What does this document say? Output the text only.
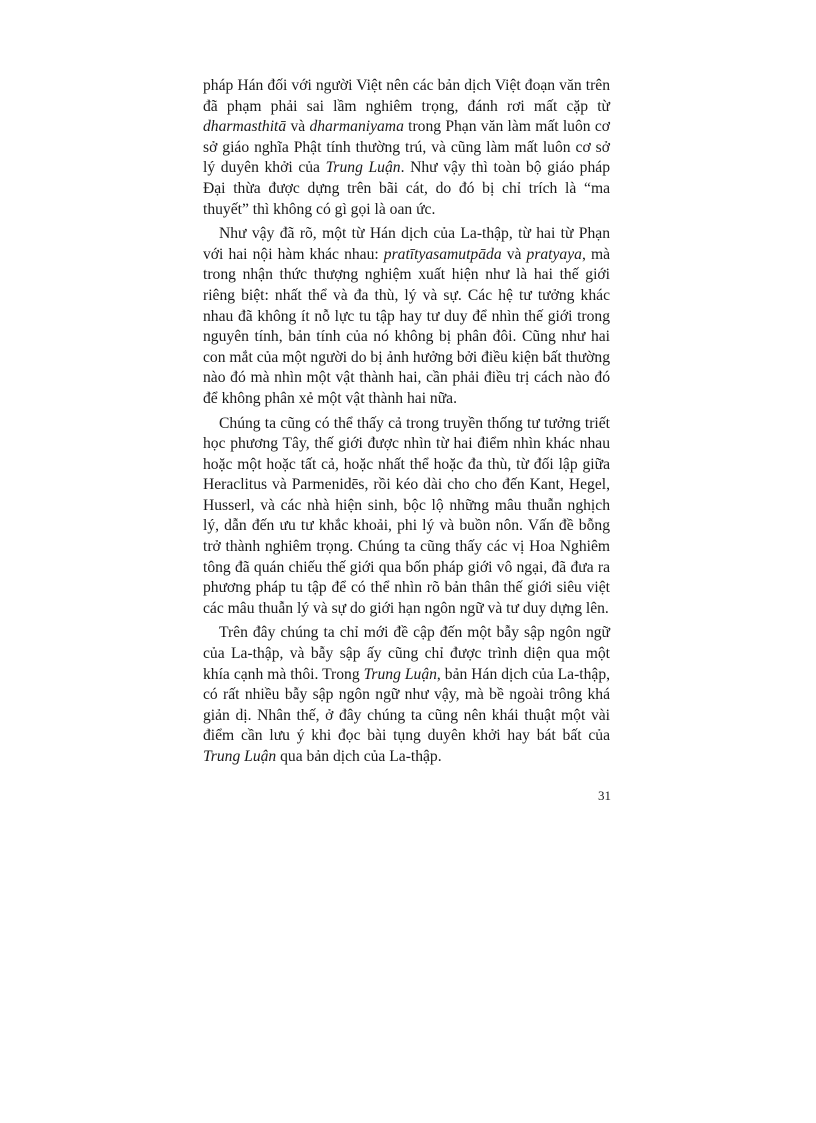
pháp Hán đối với người Việt nên các bản dịch Việt đoạn văn trên đã phạm phải sai lầm nghiêm trọng, đánh rơi mất cặp từ dharmasthitā và dharmaniyama trong Phạn văn làm mất luôn cơ sở giáo nghĩa Phật tính thường trú, và cũng làm mất luôn cơ sở lý duyên khởi của Trung Luận. Như vậy thì toàn bộ giáo pháp Đại thừa được dựng trên bãi cát, do đó bị chỉ trích là “ma thuyết” thì không có gì gọi là oan ức.

Như vậy đã rõ, một từ Hán dịch của La-thập, từ hai từ Phạn với hai nội hàm khác nhau: pratītyasamutpāda và pratyaya, mà trong nhận thức thượng nghiệm xuất hiện như là hai thế giới riêng biệt: nhất thể và đa thù, lý và sự. Các hệ tư tưởng khác nhau đã không ít nỗ lực tu tập hay tư duy để nhìn thế giới trong nguyên tính, bản tính của nó không bị phân đôi. Cũng như hai con mắt của một người do bị ảnh hưởng bởi điều kiện bất thường nào đó mà nhìn một vật thành hai, cần phải điều trị cách nào đó để không phân xẻ một vật thành hai nữa.

Chúng ta cũng có thể thấy cả trong truyền thống tư tưởng triết học phương Tây, thế giới được nhìn từ hai điểm nhìn khác nhau hoặc một hoặc tất cả, hoặc nhất thể hoặc đa thù, từ đối lập giữa Heraclitus và Parmenidēs, rồi kéo dài cho cho đến Kant, Hegel, Husserl, và các nhà hiện sinh, bộc lộ những mâu thuẫn nghịch lý, dẫn đến ưu tư khắc khoải, phi lý và buồn nôn. Vấn đề bỗng trở thành nghiêm trọng. Chúng ta cũng thấy các vị Hoa Nghiêm tông đã quán chiếu thế giới qua bốn pháp giới vô ngại, đã đưa ra phương pháp tu tập để có thể nhìn rõ bản thân thế giới siêu việt các mâu thuẫn lý và sự do giới hạn ngôn ngữ và tư duy dựng lên.

Trên đây chúng ta chỉ mới đề cập đến một bẫy sập ngôn ngữ của La-thập, và bẫy sập ấy cũng chỉ được trình diện qua một khía cạnh mà thôi. Trong Trung Luận, bản Hán dịch của La-thập, có rất nhiều bẫy sập ngôn ngữ như vậy, mà bề ngoài trông khá giản dị. Nhân thế, ở đây chúng ta cũng nên khái thuật một vài điểm cần lưu ý khi đọc bài tụng duyên khởi hay bát bất của Trung Luận qua bản dịch của La-thập.

31
